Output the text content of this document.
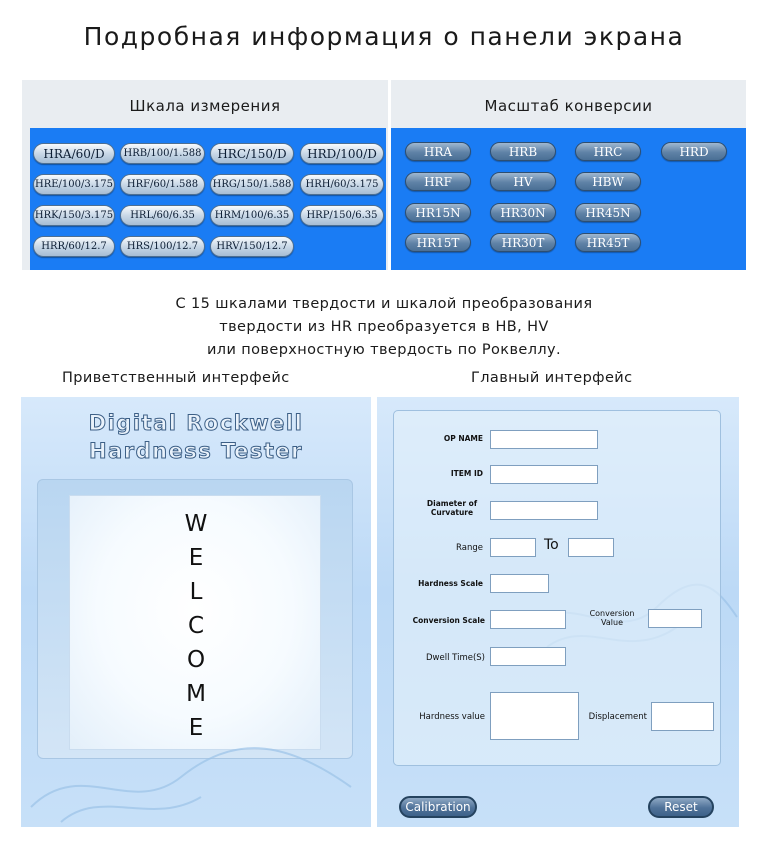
Подробная информация о панели экрана
Шкала измерения
HRA/60/D	HRB/100/1.588	HRC/150/D	HRD/100/D
HRE/100/3.175	HRF/60/1.588	HRG/150/1.588	HRH/60/3.175
HRK/150/3.175	HRL/60/6.35	HRM/100/6.35	HRP/150/6.35
HRR/60/12.7	HRS/100/12.7	HRV/150/12.7
Масштаб конверсии
HRA	HRB	HRC	HRD
HRF	HV	HBW
HR15N	HR30N	HR45N
HR15T	HR30T	HR45T
С 15 шкалами твердости и шкалой преобразования
твердости из HR преобразуется в HB, HV
или поверхностную твердость по Роквеллу.
Приветственный интерфейс	Главный интерфейс
Digital Rockwell
Hardness Tester
W
E
L
C
O
M
E
OP NAME
ITEM ID
Diameter of
Curvature
Range	To
Hardness Scale
Conversion Scale
Conversion
Value
Dwell Time(S)
Hardness value	Displacement
Calibration	Reset
